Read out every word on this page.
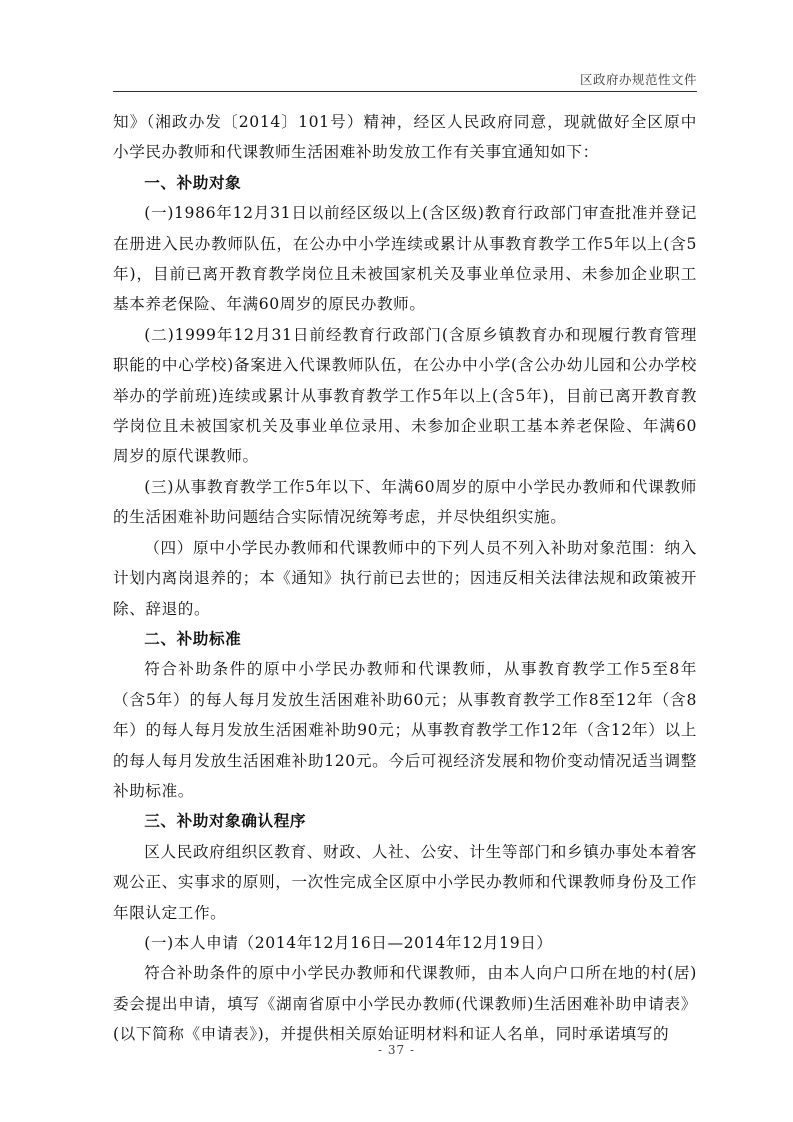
区政府办规范性文件

知》（湘政办发〔2014〕101号）精神，经区人民政府同意，现就做好全区原中小学民办教师和代课教师生活困难补助发放工作有关事宜通知如下：

一、补助对象

(一)1986年12月31日以前经区级以上(含区级)教育行政部门审查批准并登记在册进入民办教师队伍，在公办中小学连续或累计从事教育教学工作5年以上(含5年)，目前已离开教育教学岗位且未被国家机关及事业单位录用、未参加企业职工基本养老保险、年满60周岁的原民办教师。

(二)1999年12月31日前经教育行政部门(含原乡镇教育办和现履行教育管理职能的中心学校)备案进入代课教师队伍，在公办中小学(含公办幼儿园和公办学校举办的学前班)连续或累计从事教育教学工作5年以上(含5年)，目前已离开教育教学岗位且未被国家机关及事业单位录用、未参加企业职工基本养老保险、年满60周岁的原代课教师。

(三)从事教育教学工作5年以下、年满60周岁的原中小学民办教师和代课教师的生活困难补助问题结合实际情况统筹考虑，并尽快组织实施。

（四）原中小学民办教师和代课教师中的下列人员不列入补助对象范围：纳入计划内离岗退养的；本《通知》执行前已去世的；因违反相关法律法规和政策被开除、辞退的。

二、补助标准

符合补助条件的原中小学民办教师和代课教师，从事教育教学工作5至8年（含5年）的每人每月发放生活困难补助60元；从事教育教学工作8至12年（含8年）的每人每月发放生活困难补助90元；从事教育教学工作12年（含12年）以上的每人每月发放生活困难补助120元。今后可视经济发展和物价变动情况适当调整补助标准。

三、补助对象确认程序

区人民政府组织区教育、财政、人社、公安、计生等部门和乡镇办事处本着客观公正、实事求的原则，一次性完成全区原中小学民办教师和代课教师身份及工作年限认定工作。

(一)本人申请（2014年12月16日—2014年12月19日）

符合补助条件的原中小学民办教师和代课教师，由本人向户口所在地的村(居)委会提出申请，填写《湖南省原中小学民办教师(代课教师)生活困难补助申请表》(以下简称《申请表》)，并提供相关原始证明材料和证人名单，同时承诺填写的

- 37 -
